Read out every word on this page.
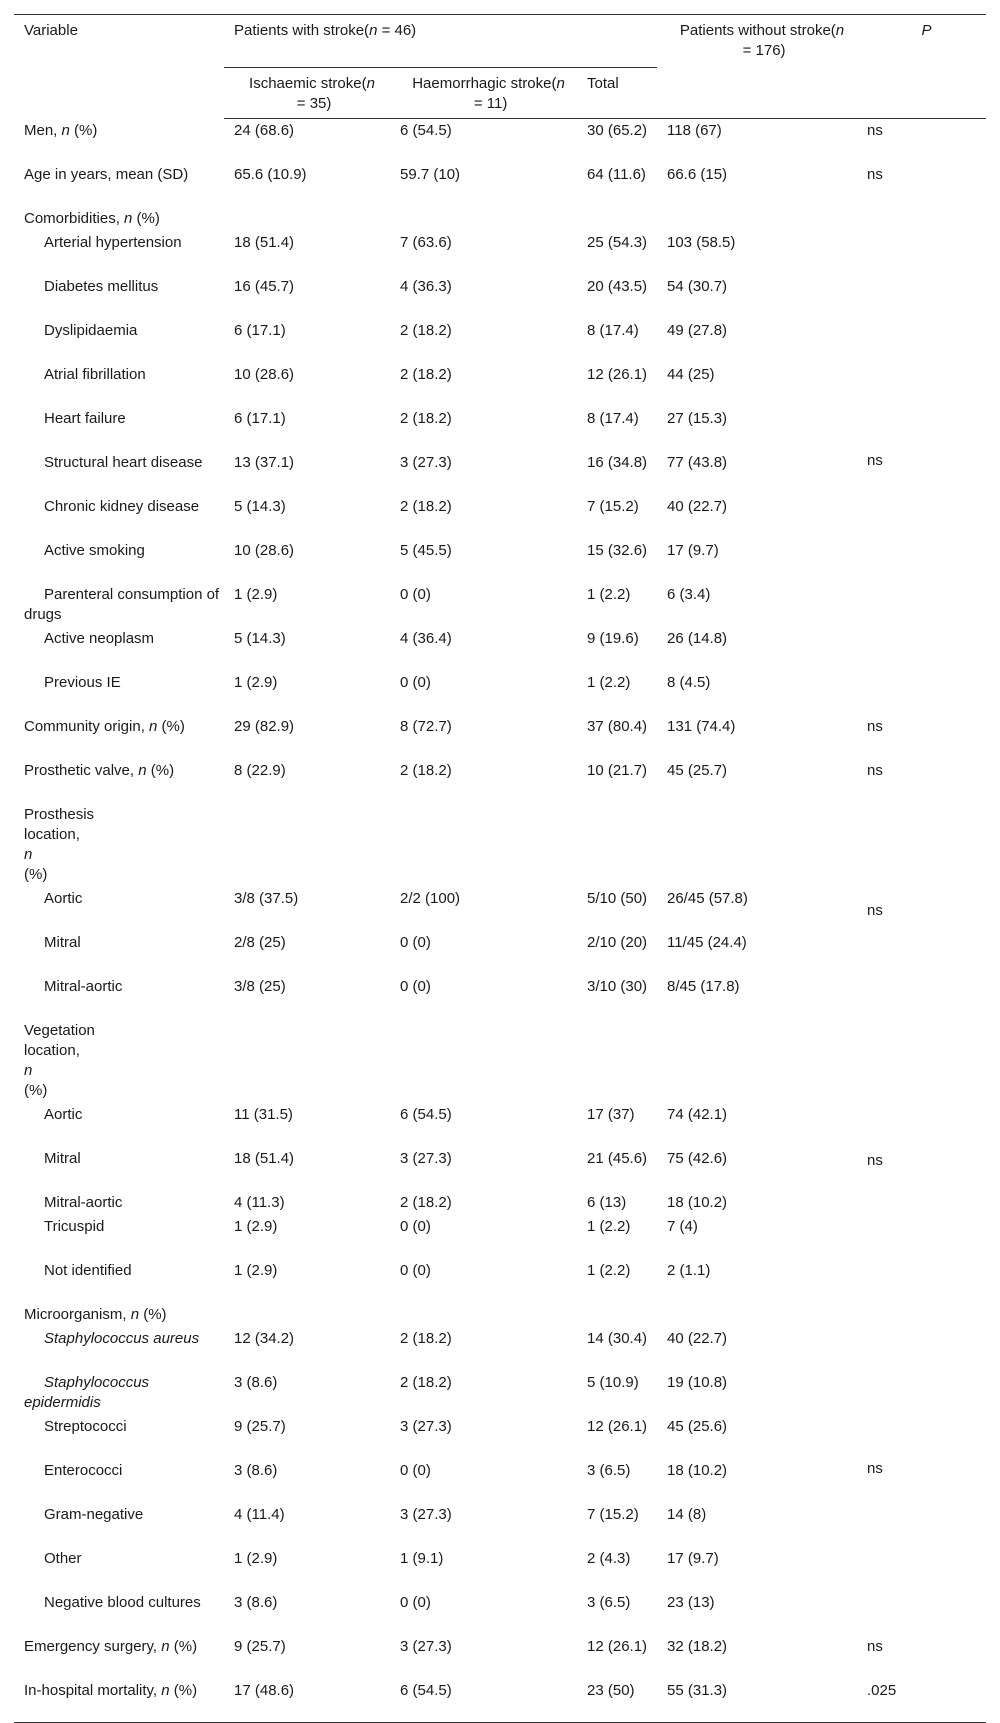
Variable	Patients with stroke(n = 46)			Patients without stroke(n = 176)	P
	Ischaemic stroke(n = 35)	Haemorrhagic stroke(n = 11)	Total		
Men, n (%)	24 (68.6)	6 (54.5)	30 (65.2)	118 (67)	ns
Age in years, mean (SD)	65.6 (10.9)	59.7 (10)	64 (11.6)	66.6 (15)	ns
Comorbidities, n (%)					ns
Arterial hypertension	18 (51.4)	7 (63.6)	25 (54.3)	103 (58.5)	
Diabetes mellitus	16 (45.7)	4 (36.3)	20 (43.5)	54 (30.7)	
Dyslipidaemia	6 (17.1)	2 (18.2)	8 (17.4)	49 (27.8)	
Atrial fibrillation	10 (28.6)	2 (18.2)	12 (26.1)	44 (25)	
Heart failure	6 (17.1)	2 (18.2)	8 (17.4)	27 (15.3)	
Structural heart disease	13 (37.1)	3 (27.3)	16 (34.8)	77 (43.8)	
Chronic kidney disease	5 (14.3)	2 (18.2)	7 (15.2)	40 (22.7)	
Active smoking	10 (28.6)	5 (45.5)	15 (32.6)	17 (9.7)	
Parenteral consumption of drugs	1 (2.9)	0 (0)	1 (2.2)	6 (3.4)	
Active neoplasm	5 (14.3)	4 (36.4)	9 (19.6)	26 (14.8)	
Previous IE	1 (2.9)	0 (0)	1 (2.2)	8 (4.5)	
Community origin, n (%)	29 (82.9)	8 (72.7)	37 (80.4)	131 (74.4)	ns
Prosthetic valve, n (%)	8 (22.9)	2 (18.2)	10 (21.7)	45 (25.7)	ns
Prosthesis location, n (%)					ns
Aortic	3/8 (37.5)	2/2 (100)	5/10 (50)	26/45 (57.8)	
Mitral	2/8 (25)	0 (0)	2/10 (20)	11/45 (24.4)	
Mitral-aortic	3/8 (25)	0 (0)	3/10 (30)	8/45 (17.8)	
Vegetation location, n (%)					ns
Aortic	11 (31.5)	6 (54.5)	17 (37)	74 (42.1)	
Mitral	18 (51.4)	3 (27.3)	21 (45.6)	75 (42.6)	
Mitral-aortic	4 (11.3)	2 (18.2)	6 (13)	18 (10.2)	
Tricuspid	1 (2.9)	0 (0)	1 (2.2)	7 (4)	
Not identified	1 (2.9)	0 (0)	1 (2.2)	2 (1.1)	
Microorganism, n (%)					ns
Staphylococcus aureus	12 (34.2)	2 (18.2)	14 (30.4)	40 (22.7)	
Staphylococcus epidermidis	3 (8.6)	2 (18.2)	5 (10.9)	19 (10.8)	
Streptococci	9 (25.7)	3 (27.3)	12 (26.1)	45 (25.6)	
Enterococci	3 (8.6)	0 (0)	3 (6.5)	18 (10.2)	
Gram-negative	4 (11.4)	3 (27.3)	7 (15.2)	14 (8)	
Other	1 (2.9)	1 (9.1)	2 (4.3)	17 (9.7)	
Negative blood cultures	3 (8.6)	0 (0)	3 (6.5)	23 (13)	
Emergency surgery, n (%)	9 (25.7)	3 (27.3)	12 (26.1)	32 (18.2)	ns
In-hospital mortality, n (%)	17 (48.6)	6 (54.5)	23 (50)	55 (31.3)	.025
